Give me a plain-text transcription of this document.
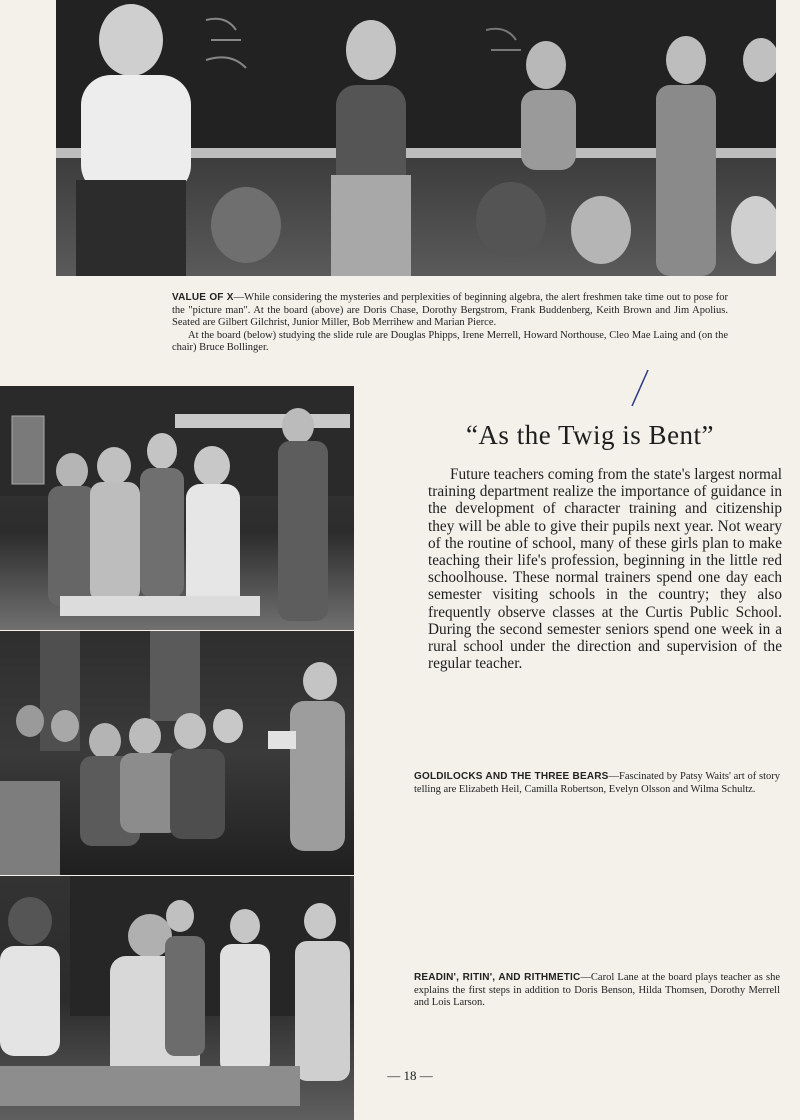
VALUE OF X—While considering the mysteries and perplexities of beginning algebra, the alert freshmen take time out to pose for the "picture man". At the board (above) are Doris Chase, Dorothy Bergstrom, Frank Buddenberg, Keith Brown and Jim Apolius. Seated are Gilbert Gilchrist, Junior Miller, Bob Merrihew and Marian Pierce.

At the board (below) studying the slide rule are Douglas Phipps, Irene Merrell, Howard Northouse, Cleo Mae Laing and (on the chair) Bruce Bollinger.

“As the Twig is Bent”

Future teachers coming from the state's largest normal training department realize the importance of guidance in the development of character training and citizenship they will be able to give their pupils next year. Not weary of the routine of school, many of these girls plan to make teaching their life's profession, beginning in the little red schoolhouse. These normal trainers spend one day each semester visiting schools in the country; they also frequently observe classes at the Curtis Public School. During the second semester seniors spend one week in a rural school under the direction and supervision of the regular teacher.

GOLDILOCKS AND THE THREE BEARS—Fascinated by Patsy Waits' art of story telling are Elizabeth Heil, Camilla Robertson, Evelyn Olsson and Wilma Schultz.

READIN', RITIN', AND RITHMETIC—Carol Lane at the board plays teacher as she explains the first steps in addition to Doris Benson, Hilda Thomsen, Dorothy Merrell and Lois Larson.

— 18 —
